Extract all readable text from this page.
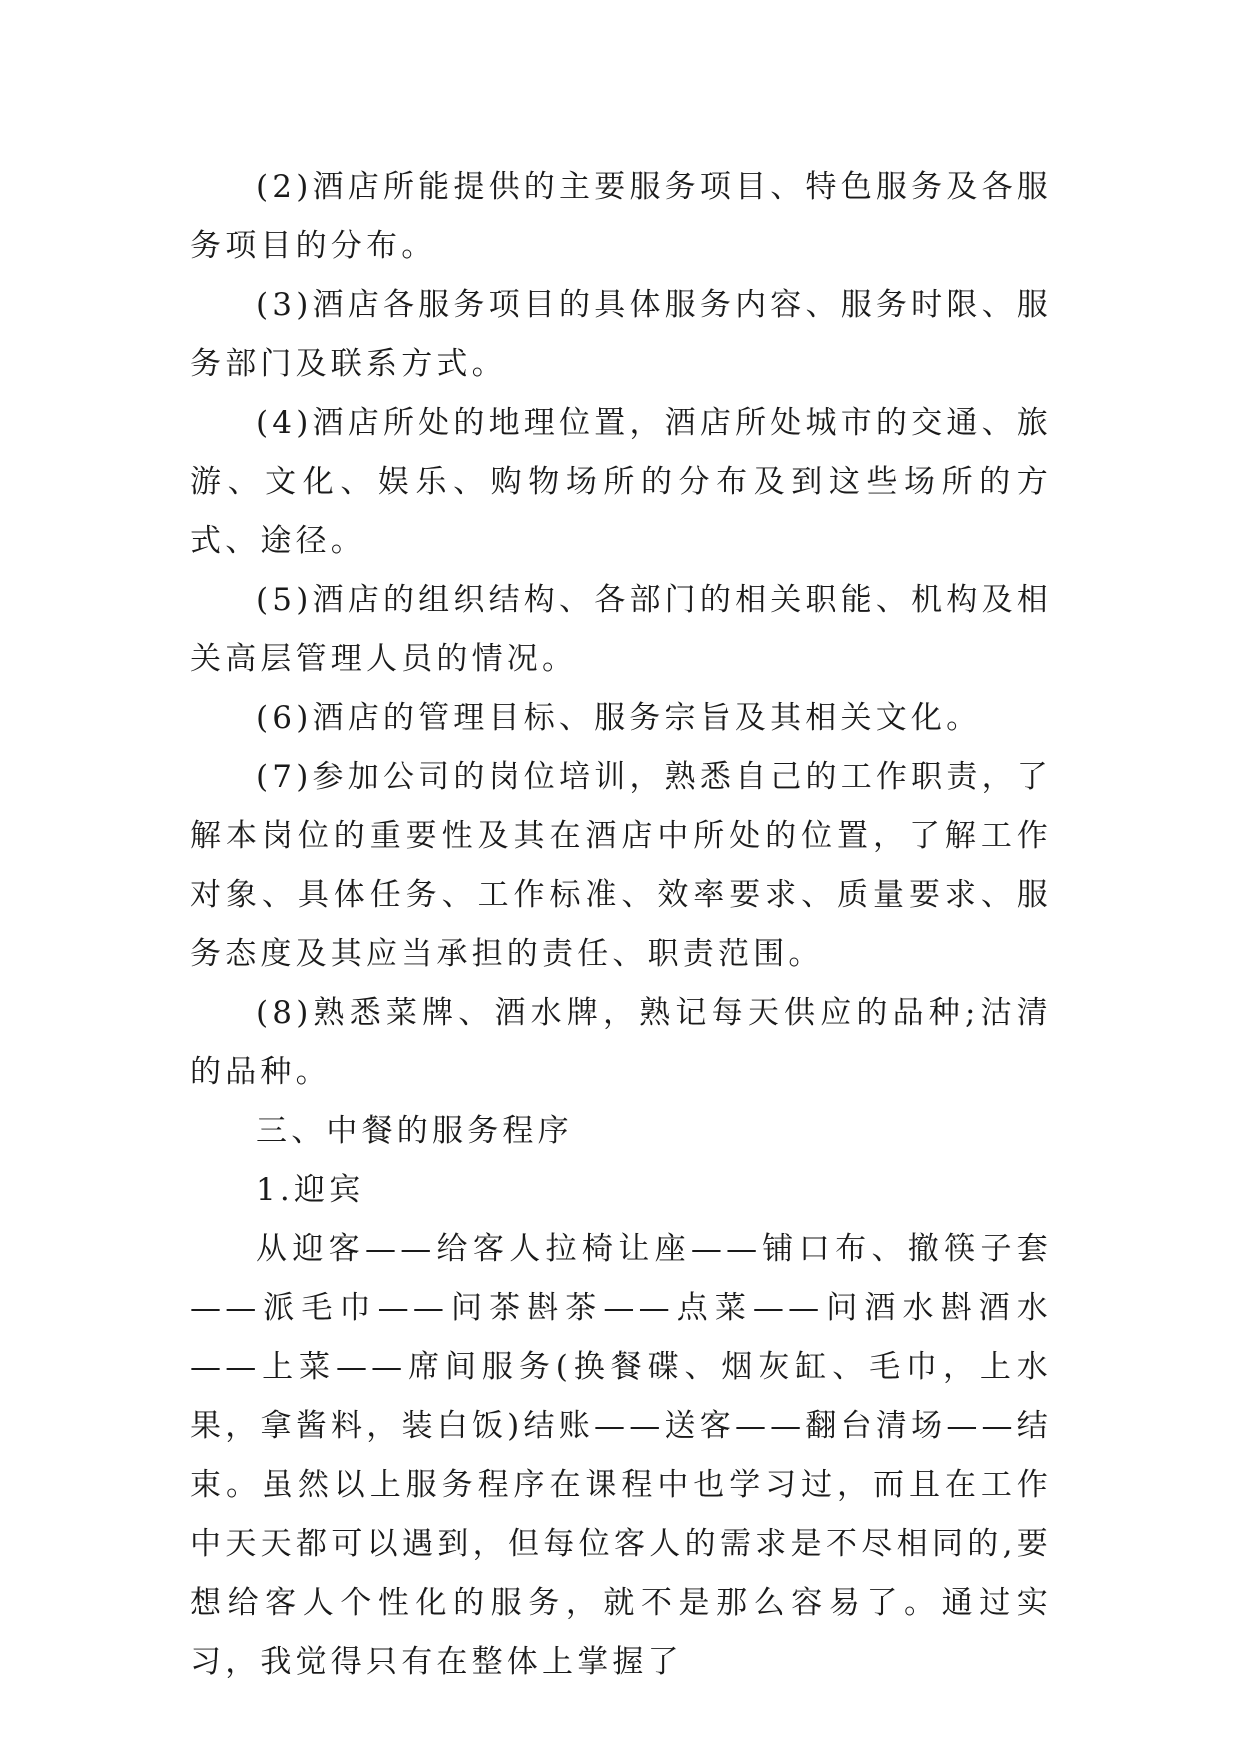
(2)酒店所能提供的主要服务项目、特色服务及各服务项目的分布。

(3)酒店各服务项目的具体服务内容、服务时限、服务部门及联系方式。

(4)酒店所处的地理位置，酒店所处城市的交通、旅游、文化、娱乐、购物场所的分布及到这些场所的方式、途径。

(5)酒店的组织结构、各部门的相关职能、机构及相关高层管理人员的情况。

(6)酒店的管理目标、服务宗旨及其相关文化。

(7)参加公司的岗位培训，熟悉自己的工作职责，了解本岗位的重要性及其在酒店中所处的位置，了解工作对象、具体任务、工作标准、效率要求、质量要求、服务态度及其应当承担的责任、职责范围。

(8)熟悉菜牌、酒水牌，熟记每天供应的品种;沽清的品种。

三、中餐的服务程序

1.迎宾

从迎客——给客人拉椅让座——铺口布、撤筷子套——派毛巾——问茶斟茶——点菜——问酒水斟酒水——上菜——席间服务(换餐碟、烟灰缸、毛巾，上水果，拿酱料，装白饭)结账——送客——翻台清场——结束。虽然以上服务程序在课程中也学习过，而且在工作中天天都可以遇到，但每位客人的需求是不尽相同的,要想给客人个性化的服务，就不是那么容易了。通过实习，我觉得只有在整体上掌握了
